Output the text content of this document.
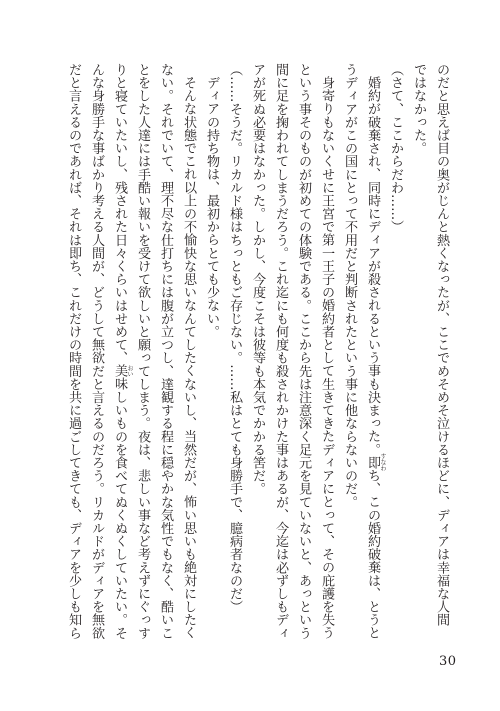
のだと思えば目の奥がじんと熱くなったが、ここでめそめそ泣けるほどに、ディアは幸福な人間
ではなかった。
（さて、ここからだわ……）
婚約が破棄され、同時にディアが殺されるという事も決まった。即 すなわ
ち、この婚約破棄は、とうと
うディアがこの国にとって不用だと判断されたという事に他ならないのだ。
身寄りもないくせに王宮で第一王子の婚約者として生きてきたディアにとって、その庇護を失う
という事そのものが初めての体験である。ここから先は注意深く足元を見ていないと、あっという
間に足を掬われてしまうだろう。これ迄にも何度も殺されかけた事はあるが、今迄は必ずしもディ
アが死ぬ必要はなかった。しかし、今度こそは彼等も本気でかかる筈だ。
（……そうだ。リカルド様はちっともご存じない。……私はとても身勝手で、臆病者なのだ）
ディアの持ち物は、最初からとても少ない。
そんな状態でこれ以上の不愉快な思いなんてしたくないし、当然だが、怖い思いも絶対にしたく
ない。それでいて、理不尽な仕打ちには腹が立つし、達観する程に穏やかな気性でもなく、酷いこ
とをした人達には手酷い報いを受けて欲しいと願ってしまう。夜は、悲しい事など考えずにぐっす
りと寝ていたいし、残された日々くらいはせめて、美味 おい
しいものを食べてぬくぬくしていたい。そ
んな身勝手な事ばかり考える人間が、どうして無欲だと言えるのだろう。リカルドがディアを無欲
だと言えるのであれば、それは即ち、これだけの時間を共に過ごしてきても、ディアを少しも知ら
30
